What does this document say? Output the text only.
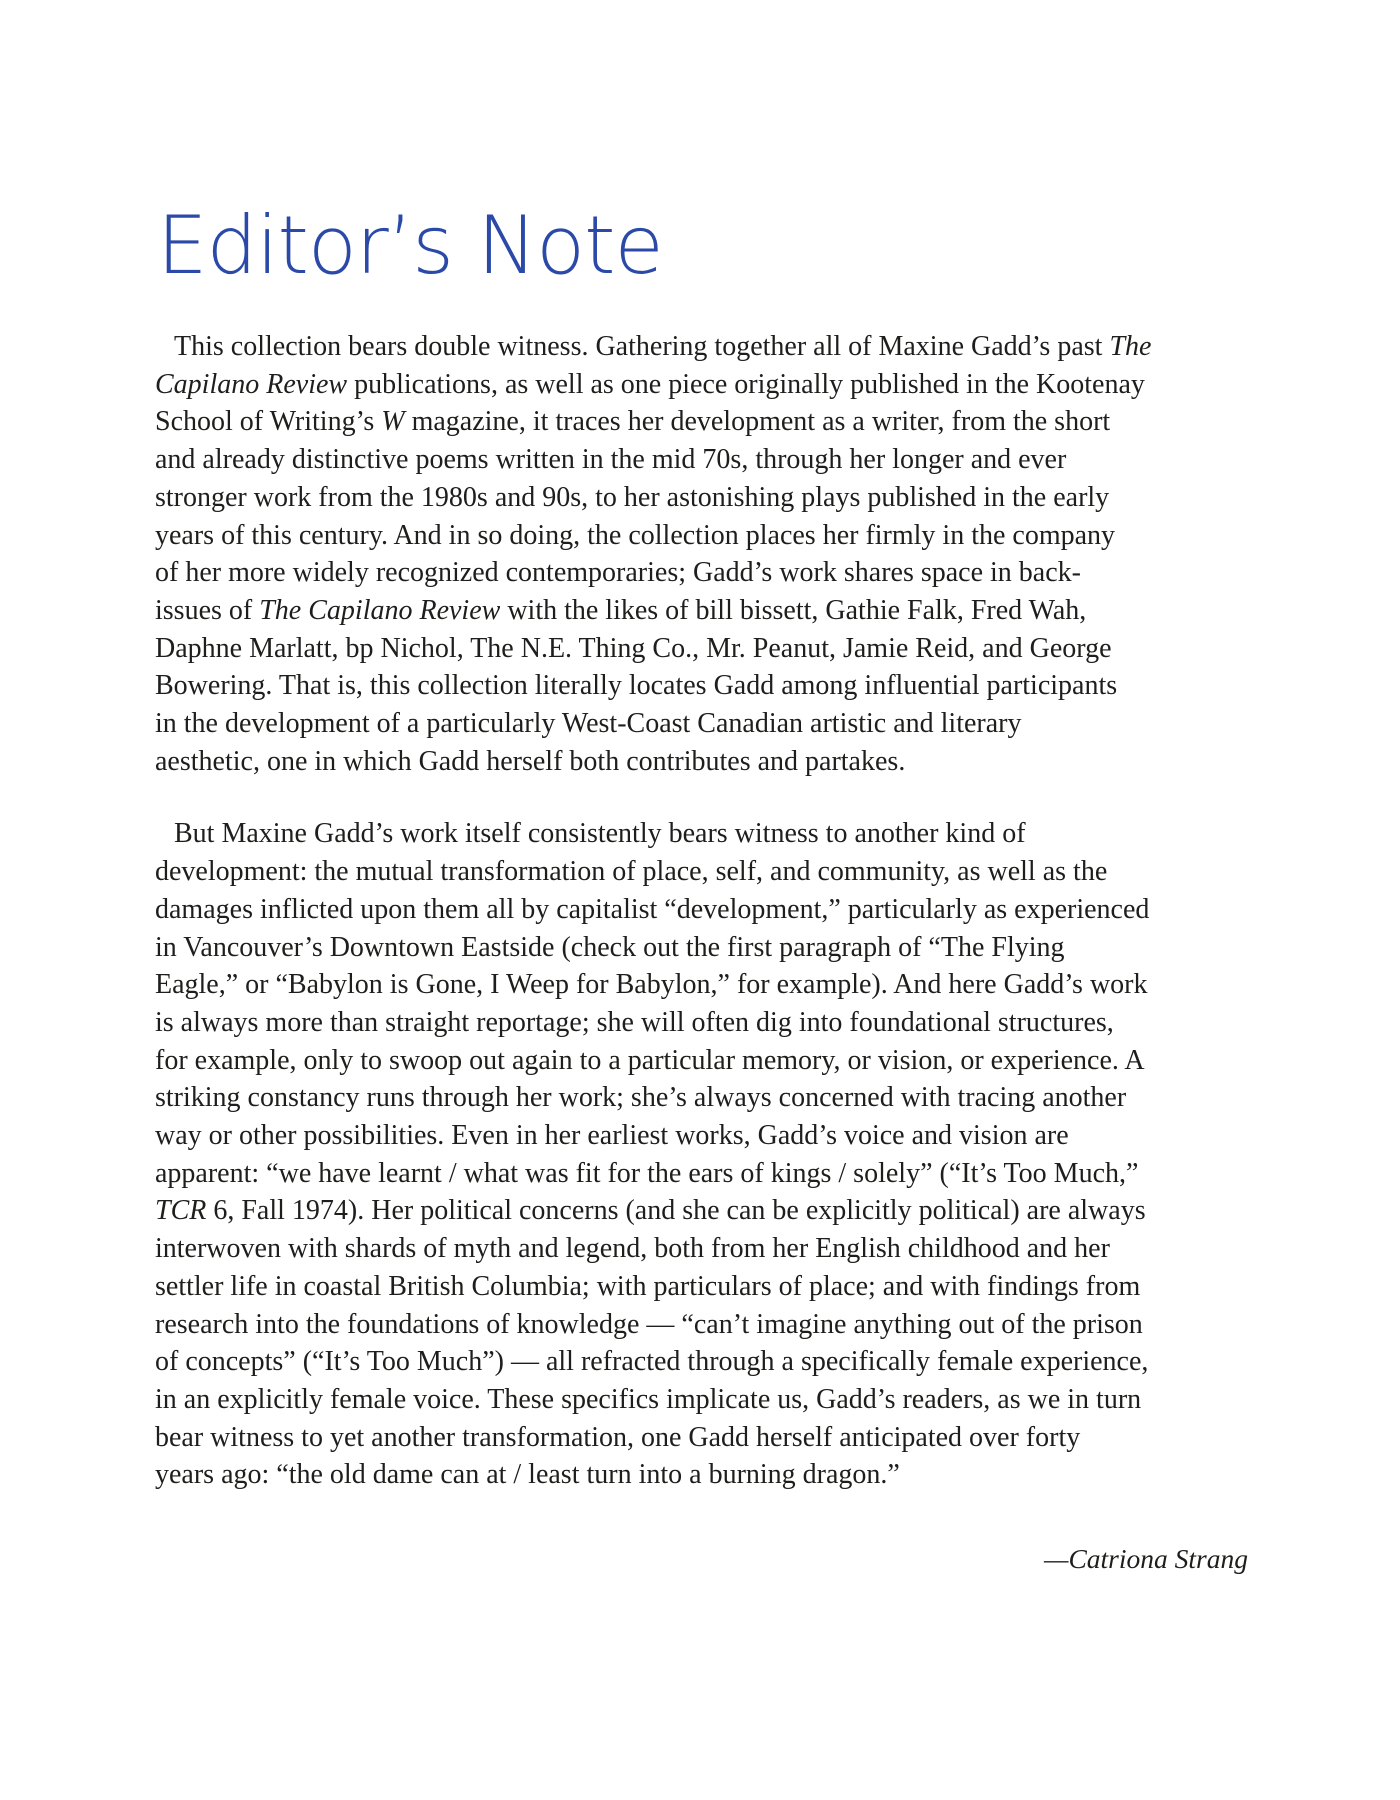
Editor’s Note
This collection bears double witness. Gathering together all of Maxine Gadd’s past The
Capilano Review publications, as well as one piece originally published in the Kootenay
School of Writing’s W magazine, it traces her development as a writer, from the short
and already distinctive poems written in the mid 70s, through her longer and ever
stronger work from the 1980s and 90s, to her astonishing plays published in the early
years of this century. And in so doing, the collection places her firmly in the company
of her more widely recognized contemporaries; Gadd’s work shares space in back-
issues of The Capilano Review with the likes of bill bissett, Gathie Falk, Fred Wah,
Daphne Marlatt, bp Nichol, The N.E. Thing Co., Mr. Peanut, Jamie Reid, and George
Bowering. That is, this collection literally locates Gadd among influential participants
in the development of a particularly West-Coast Canadian artistic and literary
aesthetic, one in which Gadd herself both contributes and partakes.
But Maxine Gadd’s work itself consistently bears witness to another kind of
development: the mutual transformation of place, self, and community, as well as the
damages inflicted upon them all by capitalist “development,” particularly as experienced
in Vancouver’s Downtown Eastside (check out the first paragraph of “The Flying
Eagle,” or “Babylon is Gone, I Weep for Babylon,” for example). And here Gadd’s work
is always more than straight reportage; she will often dig into foundational structures,
for example, only to swoop out again to a particular memory, or vision, or experience. A
striking constancy runs through her work; she’s always concerned with tracing another
way or other possibilities. Even in her earliest works, Gadd’s voice and vision are
apparent: “we have learnt / what was fit for the ears of kings / solely” (“It’s Too Much,”
TCR 6, Fall 1974). Her political concerns (and she can be explicitly political) are always
interwoven with shards of myth and legend, both from her English childhood and her
settler life in coastal British Columbia; with particulars of place; and with findings from
research into the foundations of knowledge — “can’t imagine anything out of the prison
of concepts” (“It’s Too Much”) — all refracted through a specifically female experience,
in an explicitly female voice. These specifics implicate us, Gadd’s readers, as we in turn
bear witness to yet another transformation, one Gadd herself anticipated over forty
years ago: “the old dame can at / least turn into a burning dragon.”
—Catriona Strang
